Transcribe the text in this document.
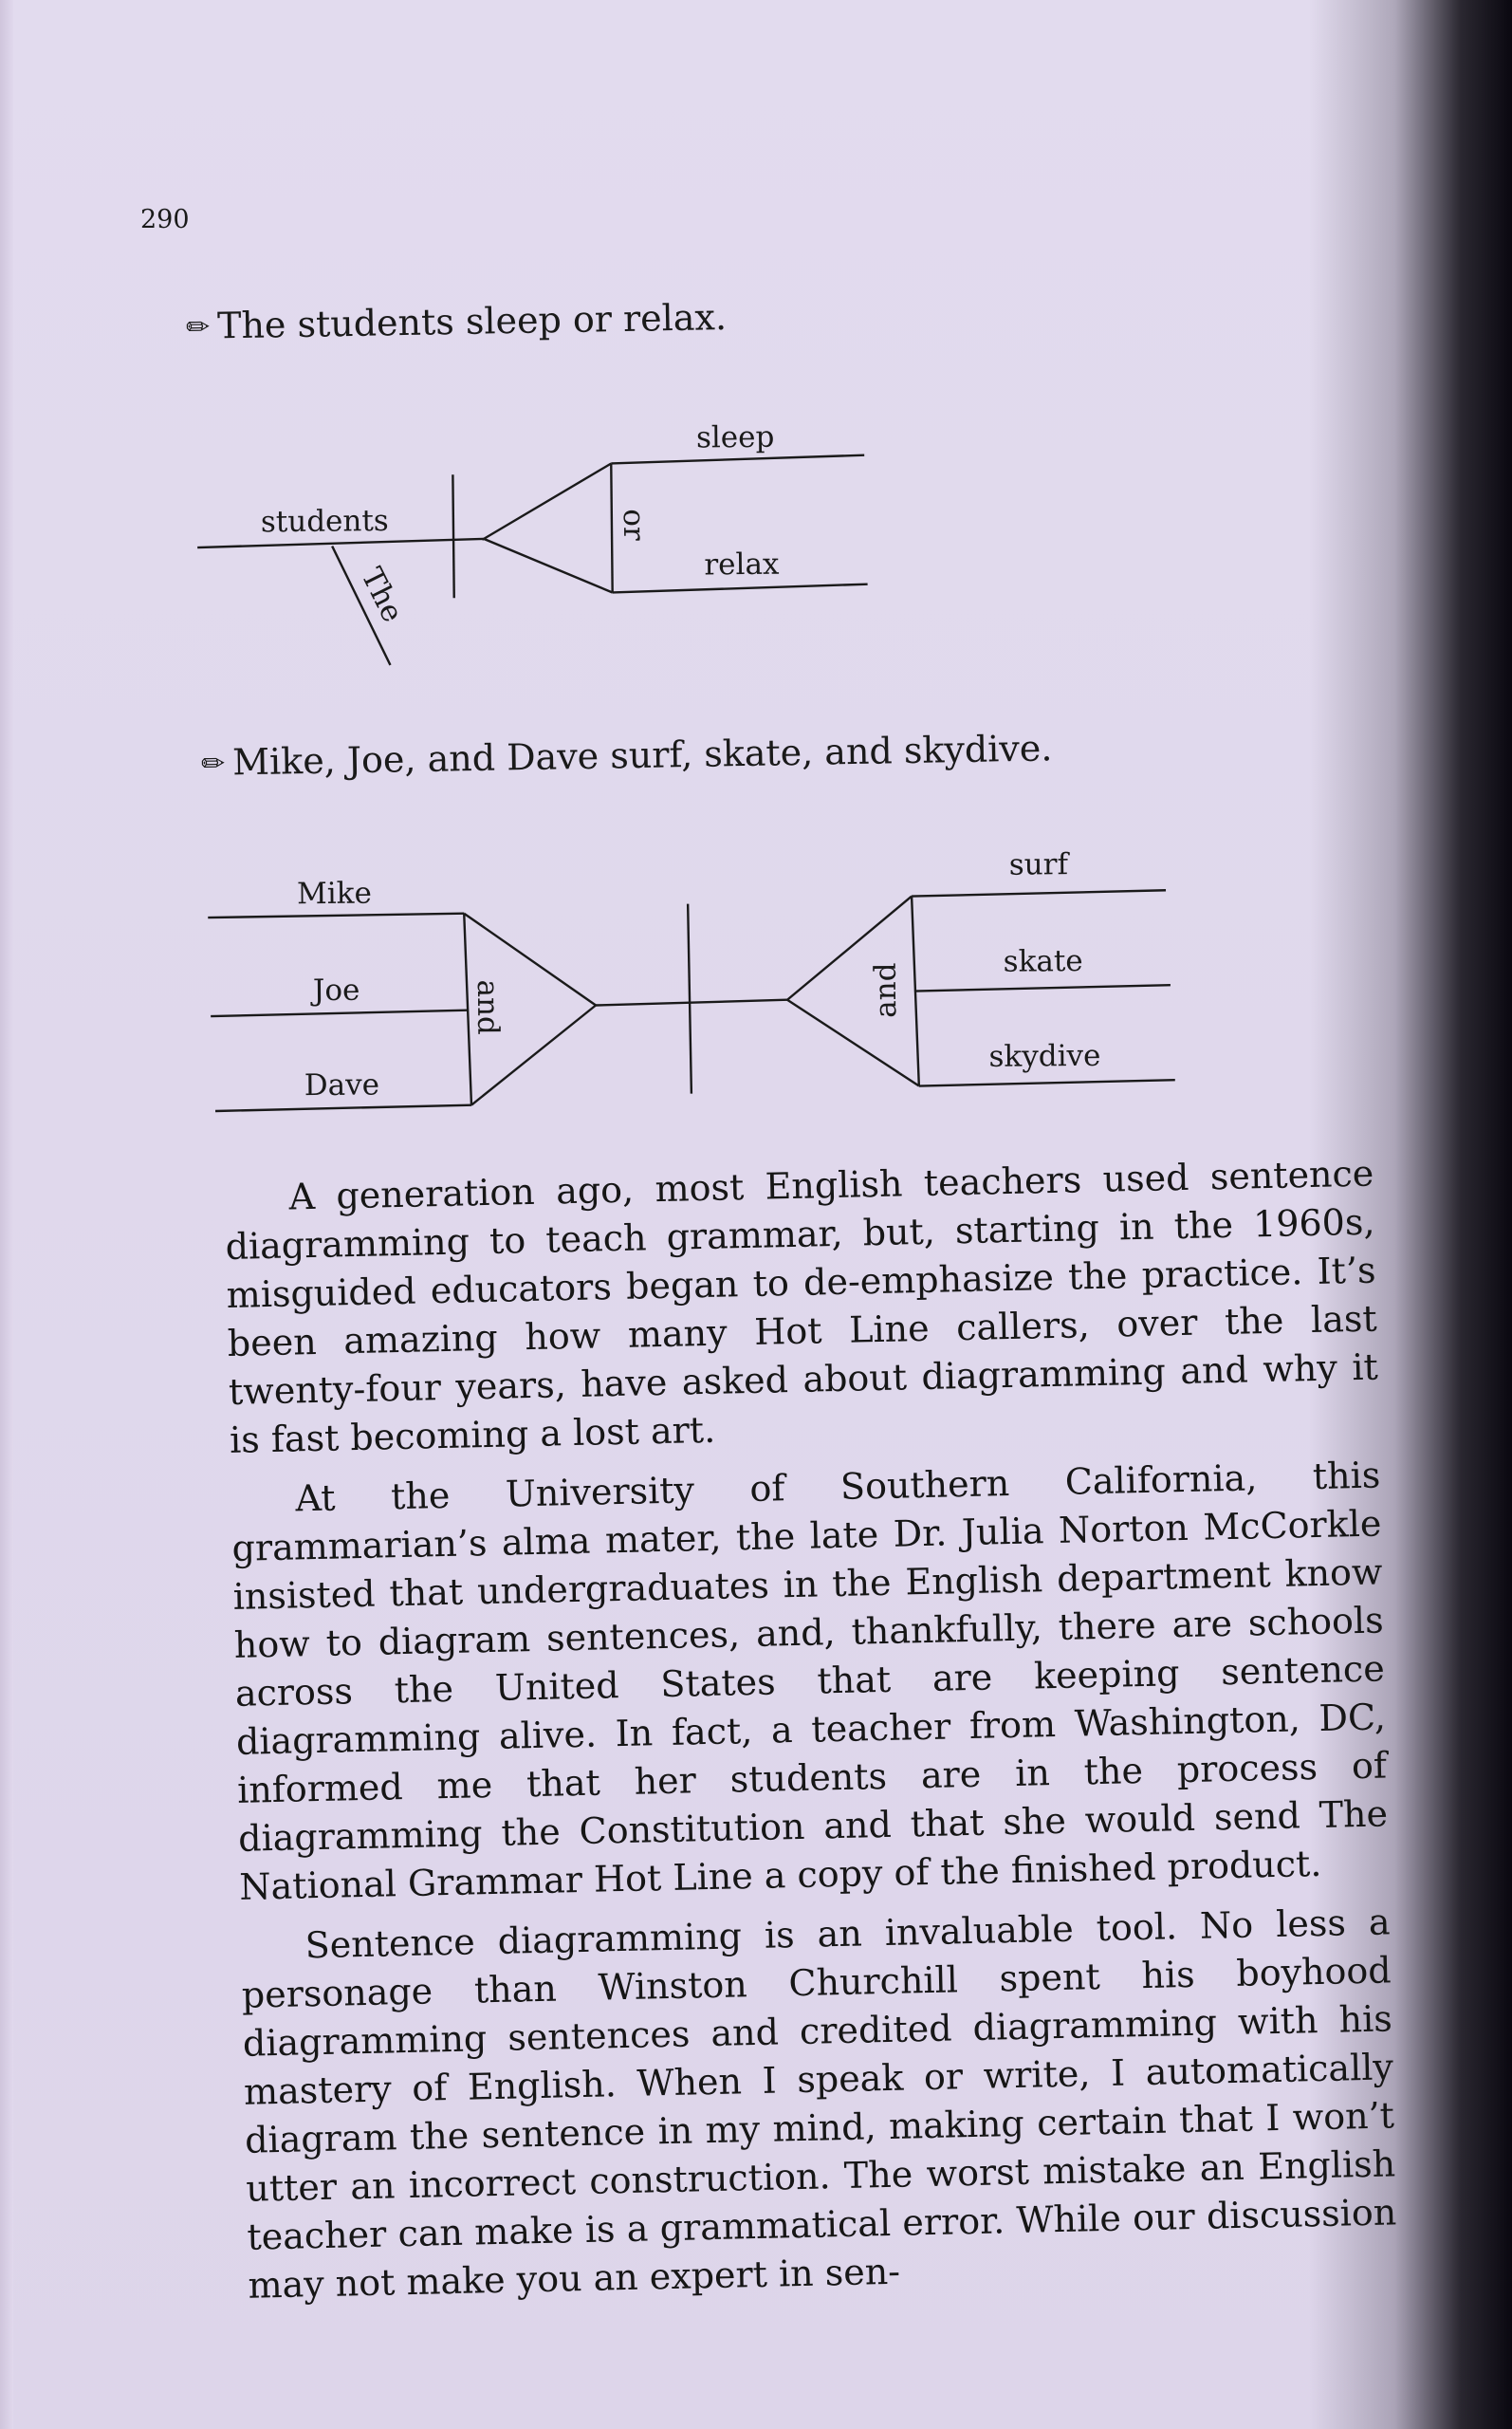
290
✏ The students sleep or relax.
students
The
or
sleep
relax
✏ Mike, Joe, and Dave surf, skate, and skydive.
Mike
Joe
Dave
and	and
surf
skate
skydive

A generation ago, most English teachers used sentence diagramming to teach grammar, but, starting in the 1960s, misguided educators began to de-emphasize the practice. It’s been amazing how many Hot Line callers, over the last twenty-four years, have asked about diagramming and why it is fast becoming a lost art.

At the University of Southern California, this grammarian’s alma mater, the late Dr. Julia Norton McCorkle insisted that undergraduates in the English department know how to diagram sentences, and, thankfully, there are schools across the United States that are keeping sentence diagramming alive. In fact, a teacher from Washington, DC, informed me that her students are in the process of diagramming the Constitution and that she would send The National Grammar Hot Line a copy of the finished product.

Sentence diagramming is an invaluable tool. No less a personage than Winston Churchill spent his boyhood diagramming sentences and credited diagramming with his mastery of English. When I speak or write, I automatically diagram the sentence in my mind, making certain that I won’t utter an incorrect construction. The worst mistake an English teacher can make is a grammatical error. While our discussion may not make you an expert in sen-
